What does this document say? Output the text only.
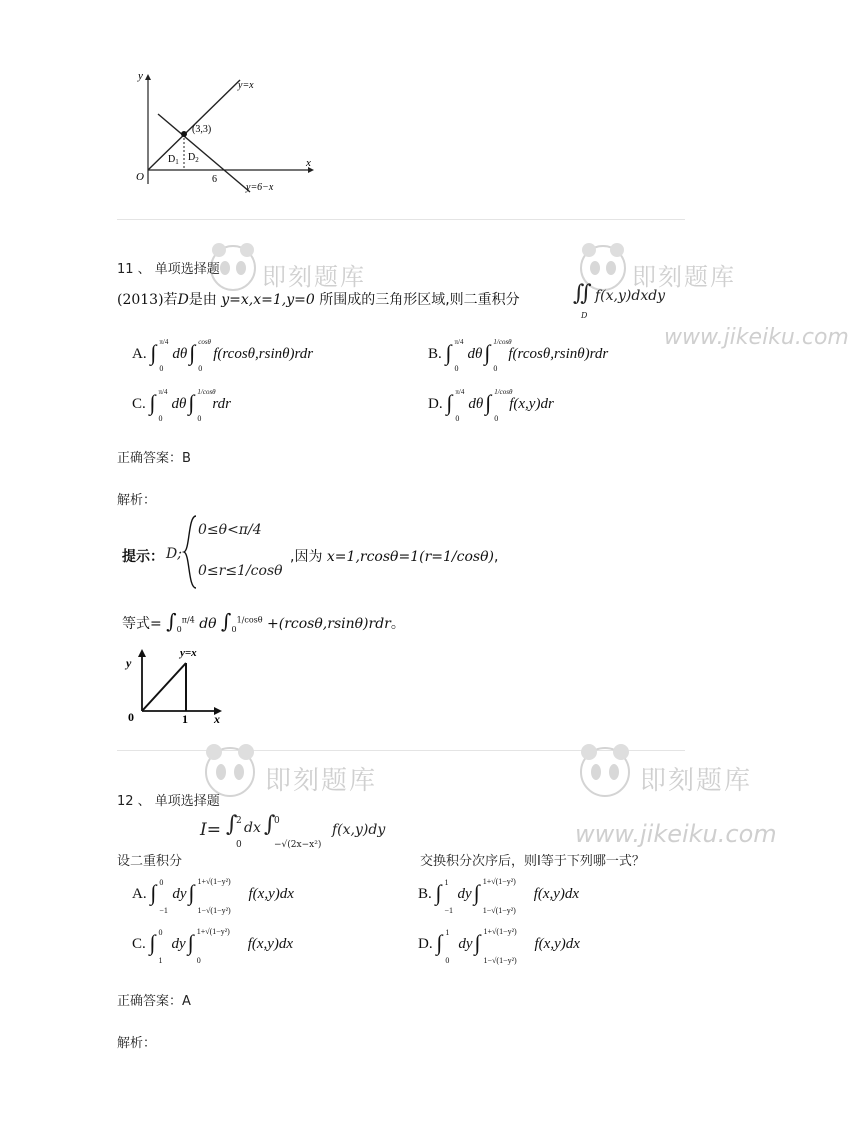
y
x
O
y=x
y=6−x
(3,3)
$D_1$ $D_2$
6
即刻题库	即刻题库
www.jikeiku.com
11 、 单项选择题
(2013)若D是由 y=x,x=1,y=0 所围成的三角形区域,则二重积分 ∬
D
f(x,y)dxdy
A. ∫ π/4
0
dθ ∫ cosθ
0
f(rcosθ,rsinθ)rdr	B. ∫ π/4
0
dθ ∫ 1/cosθ
0
f(rcosθ,rsinθ)rdr
C. ∫ π/4
0
dθ ∫ 1/cosθ
0
rdr	D. ∫ π/4
0
dθ ∫ 1/cosθ
0
f(x,y)dr
正确答案：B
解析：
提示： D;
0≤θ<π/4
0≤r≤1/cosθ
,因为 x=1,rcosθ=1(r=1/cosθ),
等式= $\int_0^{\pi/4}$ dθ $\int_0^{1/cos\theta} +(rcos\theta,rsin\theta)rdr$。
y
x
0	1
y=x
即刻题库	即刻题库
www.jikeiku.com
12 、 单项选择题
I= ∫
2
0
dx ∫
0
−√(2x−x²)
f(x,y)dy
设二重积分	交换积分次序后，则I等于下列哪一式？
A. ∫ 0
−1
dy ∫ 1+√(1−y²)
1−√(1−y²)
f(x,y)dx	B. ∫ 1
−1
dy ∫ 1+√(1−y²)
1−√(1−y²)
f(x,y)dx
C. ∫ 0
1
dy ∫ 1+√(1−y²)
0
f(x,y)dx	D. ∫ 1
0
dy ∫ 1+√(1−y²)
1−√(1−y²)
f(x,y)dx
正确答案：A
解析：
